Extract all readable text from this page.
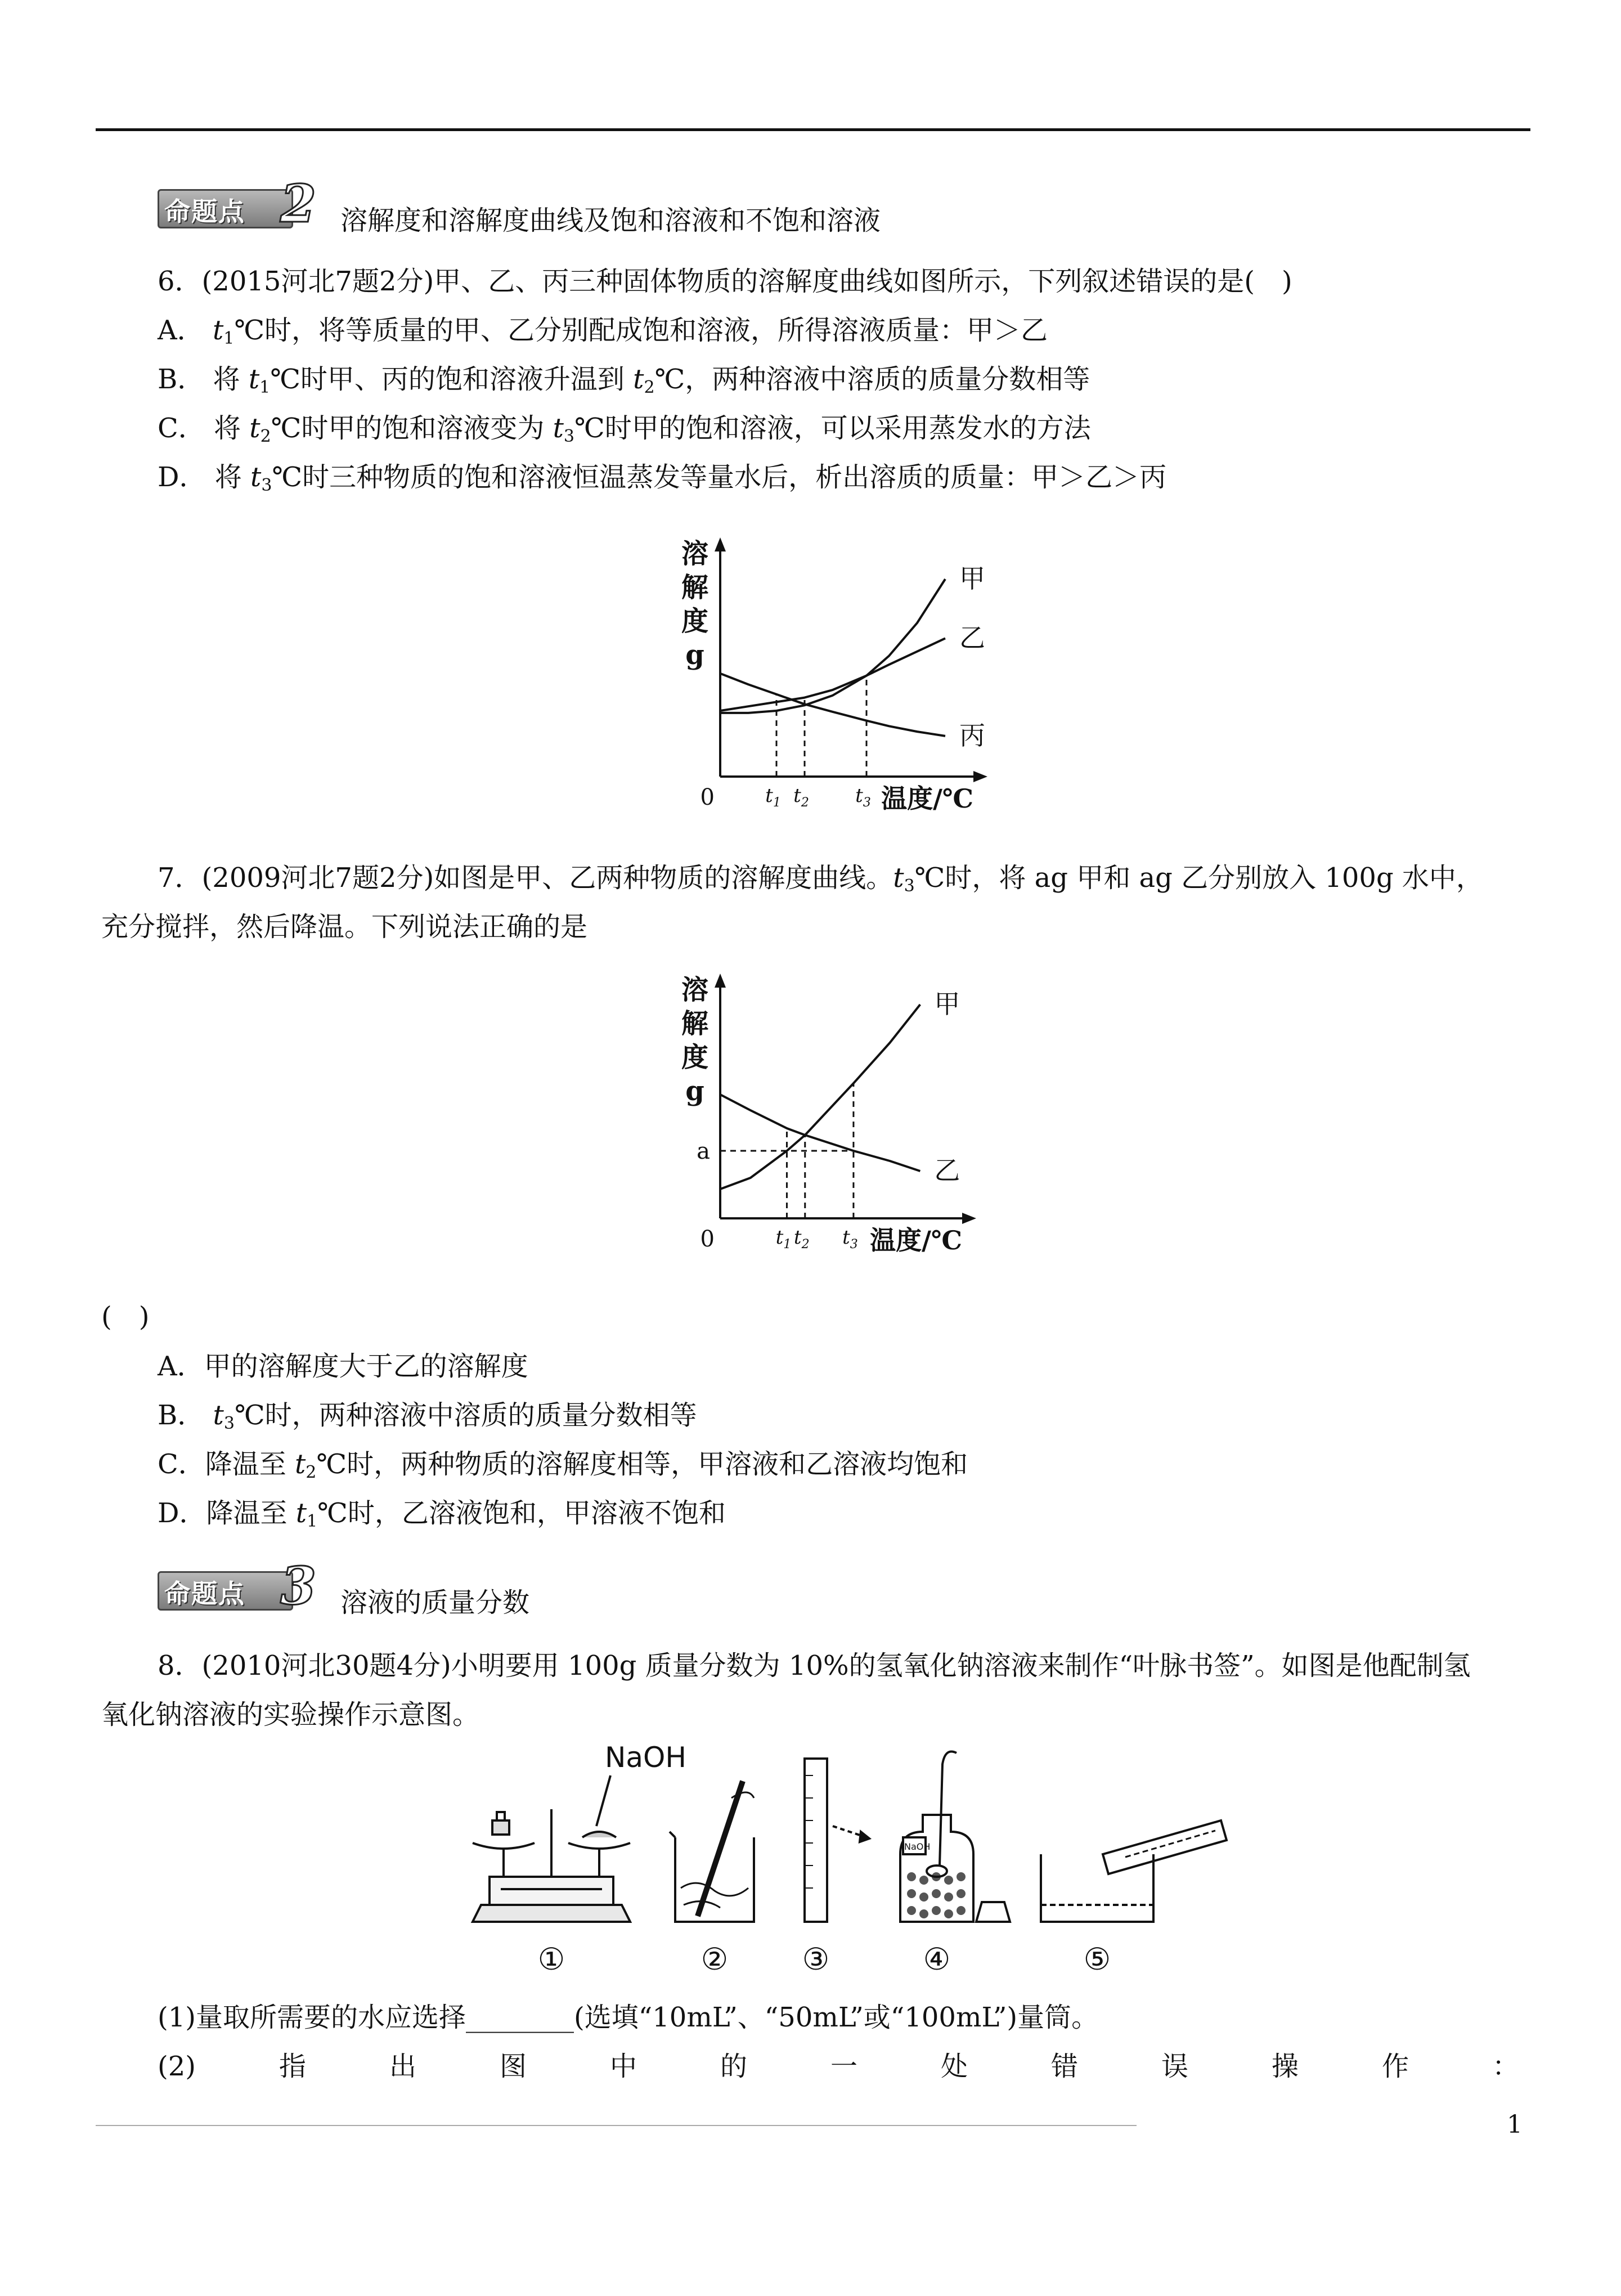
命题点 2 溶解度和溶解度曲线及饱和溶液和不饱和溶液
6．(2015河北7题2分)甲、乙、丙三种固体物质的溶解度曲线如图所示，下列叙述错误的是(　)
A． $t_1℃$时，将等质量的甲、乙分别配成饱和溶液，所得溶液质量：甲＞乙
B． 将 $t_1℃$时甲、丙的饱和溶液升温到 $t_2℃$，两种溶液中溶质的质量分数相等
C． 将 $t_2℃$时甲的饱和溶液变为 $t_3℃$时甲的饱和溶液，可以采用蒸发水的方法
D． 将 $t_3℃$时三种物质的饱和溶液恒温蒸发等量水后，析出溶质的质量：甲＞乙＞丙
溶
解
度
g
0	温度/℃
甲
乙
丙
$t_1$ $t_2$ $t_3$
7．(2009河北7题2分)如图是甲、乙两种物质的溶解度曲线。$t_3℃$时，将 ag 甲和 ag 乙分别放入 100g 水中，
充分搅拌，然后降温。下列说法正确的是
溶
解
度
g
0	温度/℃
甲
乙
$t_1$ $t_2$ $t_3$
a
(　)
A．甲的溶解度大于乙的溶解度
B． $t_3℃$时，两种溶液中溶质的质量分数相等
C．降温至 $t_2℃$时，两种物质的溶解度相等，甲溶液和乙溶液均饱和
D．降温至 $t_1℃$时，乙溶液饱和，甲溶液不饱和
命题点 3 溶液的质量分数
8．(2010河北30题4分)小明要用 100g 质量分数为 10%的氢氧化钠溶液来制作“叶脉书签”。如图是他配制氢
氧化钠溶液的实验操作示意图。
NaOH
NaOH
①	② ③	④	⑤
(1)量取所需要的水应选择________(选填“10mL”、“50mL”或“100mL”)量筒。
(2)	指	出	图	中	的	一	处	错	误	操	作	：
1
